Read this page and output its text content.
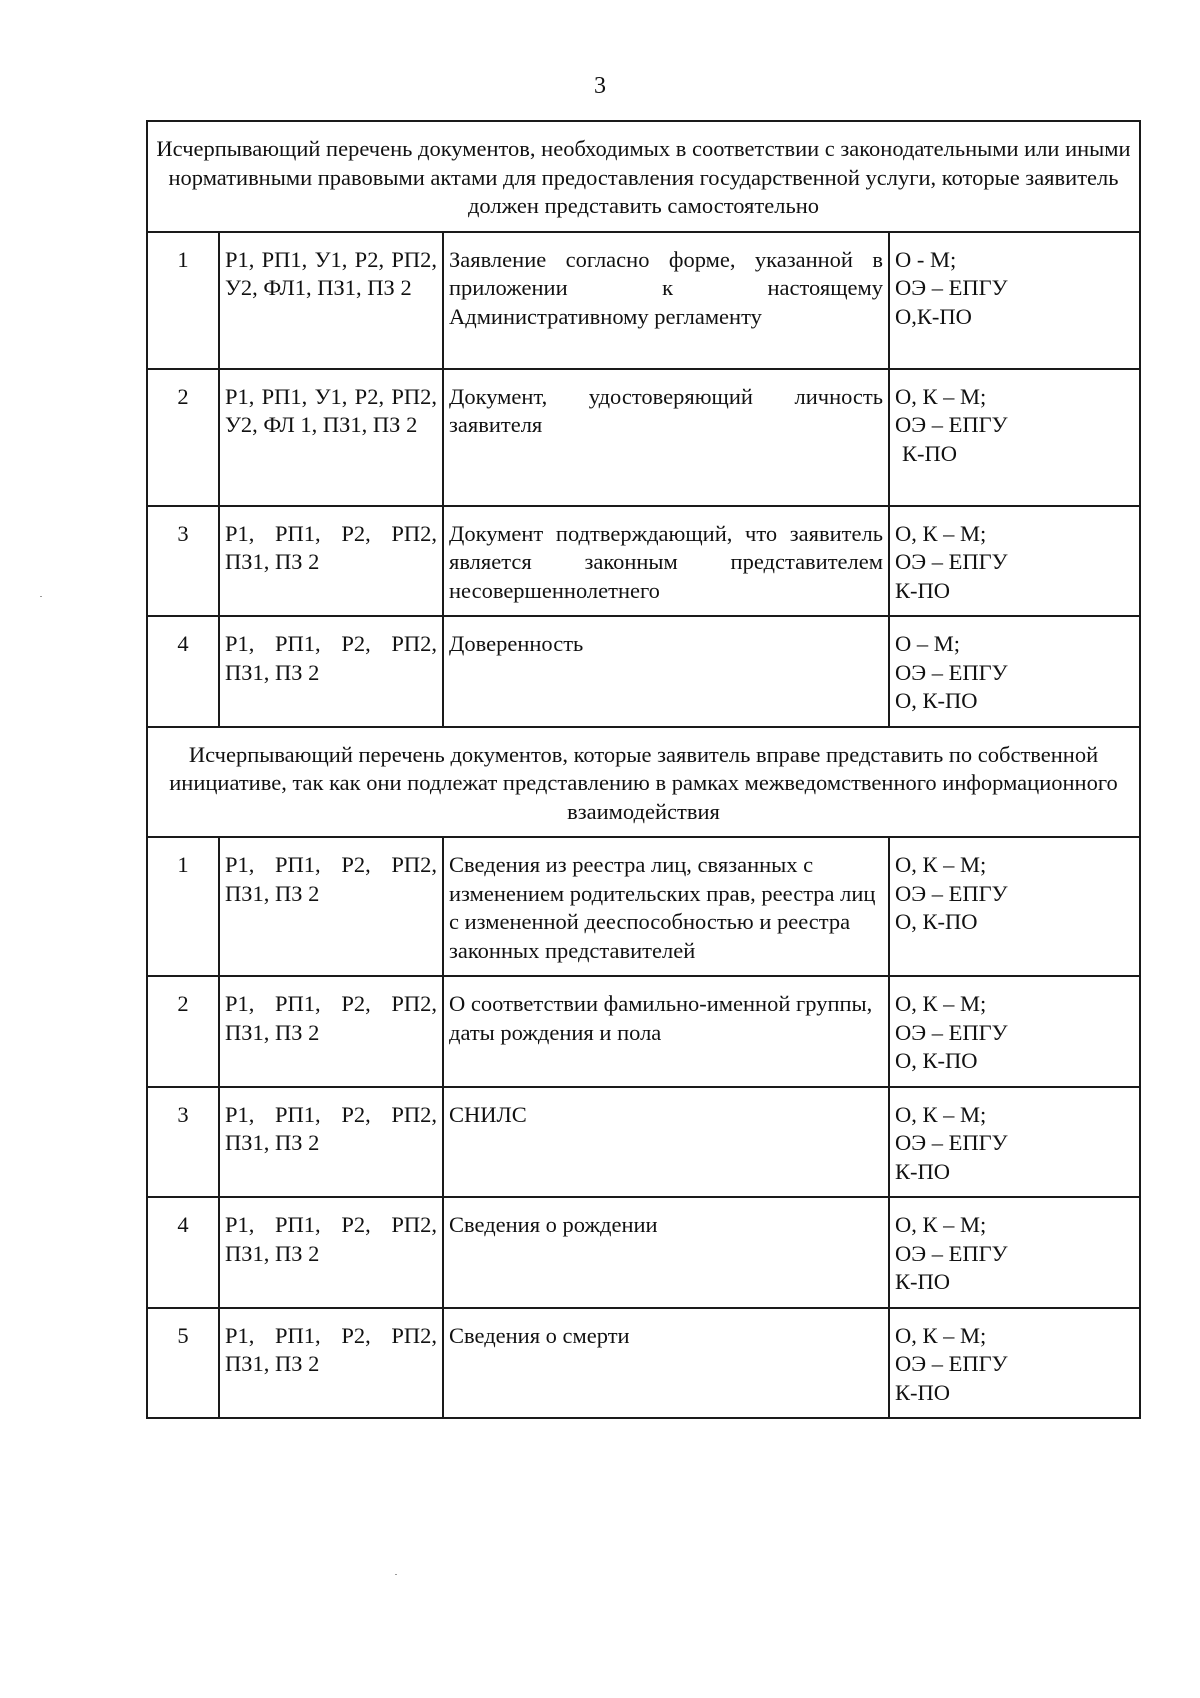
3
Исчерпывающий перечень документов, необходимых в соответствии с законодательными или иными нормативными правовыми актами для предоставления государственной услуги, которые заявитель должен представить самостоятельно			
1	Р1, РП1, У1, Р2, РП2, У2, ФЛ1, ПЗ1, ПЗ 2	Заявление согласно форме, указанной в приложении к настоящему Административному регламенту	О - М;
ОЭ – ЕПГУ
О,К-ПО

2	Р1, РП1, У1, Р2, РП2, У2, ФЛ 1, ПЗ1, ПЗ 2	Документ, удостоверяющий личность заявителя	О, К – М;
ОЭ – ЕПГУ
К-ПО

3	Р1, РП1, Р2, РП2, ПЗ1, ПЗ 2	Документ подтверждающий, что заявитель является законным представителем несовершеннолетнего	О, К – М;
ОЭ – ЕПГУ
К-ПО

4	Р1, РП1, Р2, РП2, ПЗ1, ПЗ 2	Доверенность	О – М;
ОЭ – ЕПГУ
О, К-ПО

Исчерпывающий перечень документов, которые заявитель вправе представить по собственной инициативе, так как они подлежат представлению в рамках межведомственного информационного взаимодействия			
1	Р1, РП1, Р2, РП2, ПЗ1, ПЗ 2	Сведения из реестра лиц, связанных с изменением родительских прав, реестра лиц с измененной дееспособностью и реестра законных представителей	О, К – М;
ОЭ – ЕПГУ
О, К-ПО

2	Р1, РП1, Р2, РП2, ПЗ1, ПЗ 2	О соответствии фамильно-именной группы, даты рождения и пола	О, К – М;
ОЭ – ЕПГУ
О, К-ПО

3	Р1, РП1, Р2, РП2, ПЗ1, ПЗ 2	СНИЛС	О, К – М;
ОЭ – ЕПГУ
К-ПО

4	Р1, РП1, Р2, РП2, ПЗ1, ПЗ 2	Сведения о рождении	О, К – М;
ОЭ – ЕПГУ
К-ПО

5	Р1, РП1, Р2, РП2, ПЗ1, ПЗ 2	Сведения о смерти	О, К – М;
ОЭ – ЕПГУ
К-ПО
